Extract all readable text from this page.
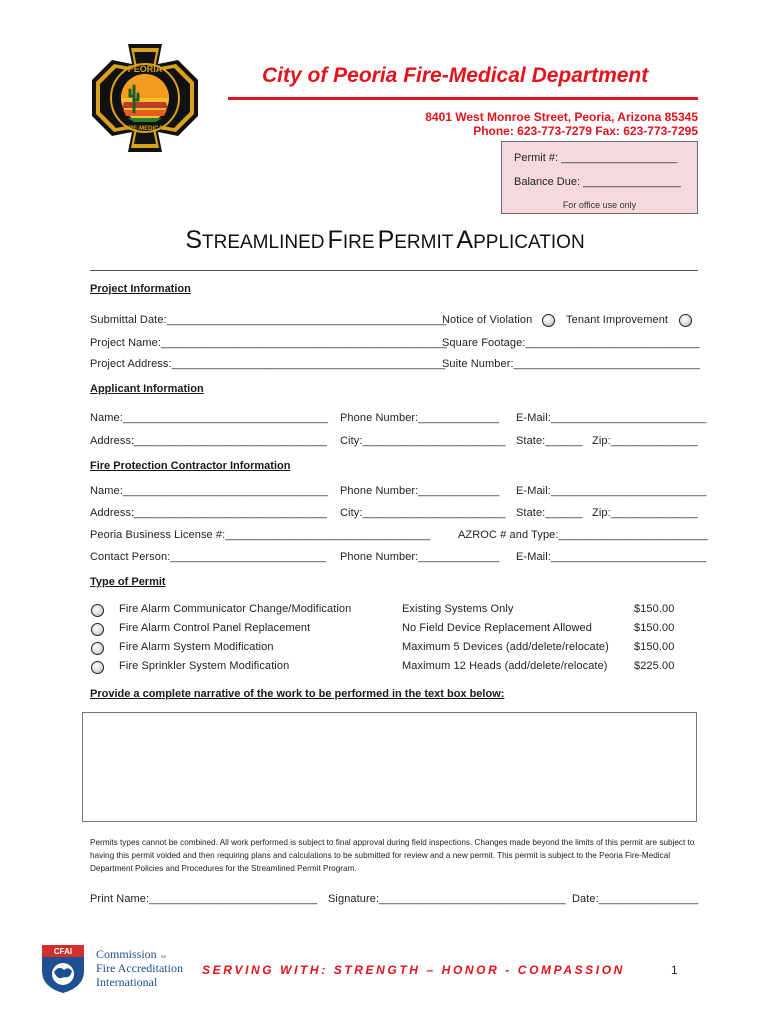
PEORIA
FIRE-MEDICAL
City of Peoria Fire-Medical Department
8401 West Monroe Street, Peoria, Arizona 85345
Phone: 623-773-7279 Fax: 623-773-7295
Permit #: ___________________
Balance Due: ________________
For office use only
STREAMLINED FIRE PERMIT APPLICATION
Project Information
Submittal Date:_____________________________________________
Notice of Violation	Tenant Improvement
Project Name:______________________________________________
Square Footage:____________________________
Project Address:____________________________________________
Suite Number:______________________________
Applicant Information
Name:_________________________________ Phone Number:_____________ E-Mail:_________________________
Address:_______________________________ City:_______________________ State:______ Zip:______________
Fire Protection Contractor Information
Name:_________________________________ Phone Number:_____________ E-Mail:_________________________
Address:_______________________________ City:_______________________ State:______ Zip:______________
Peoria Business License #:_________________________________	AZROC # and Type:________________________
Contact Person:_________________________ Phone Number:_____________ E-Mail:_________________________
Type of Permit
Fire Alarm Communicator Change/Modification	Existing Systems Only	$150.00
Fire Alarm Control Panel Replacement	No Field Device Replacement Allowed	$150.00
Fire Alarm System Modification	Maximum 5 Devices (add/delete/relocate) $150.00
Fire Sprinkler System Modification	Maximum 12 Heads (add/delete/relocate) $225.00
Provide a complete narrative of the work to be performed in the text box below:
Permits types cannot be combined. All work performed is subject to final approval during field inspections. Changes made beyond the limits of this permit are subject to having this permit voided and then requiring plans and calculations to be submitted for review and a new permit. This permit is subject to the Peoria Fire-Medical Department Policies and Procedures for the Streamlined Permit Program.
Print Name:___________________________ Signature:______________________________ Date:________________
CFAI Commission on
Fire Accreditation
International
SERVING WITH: STRENGTH – HONOR - COMPASSION	1
